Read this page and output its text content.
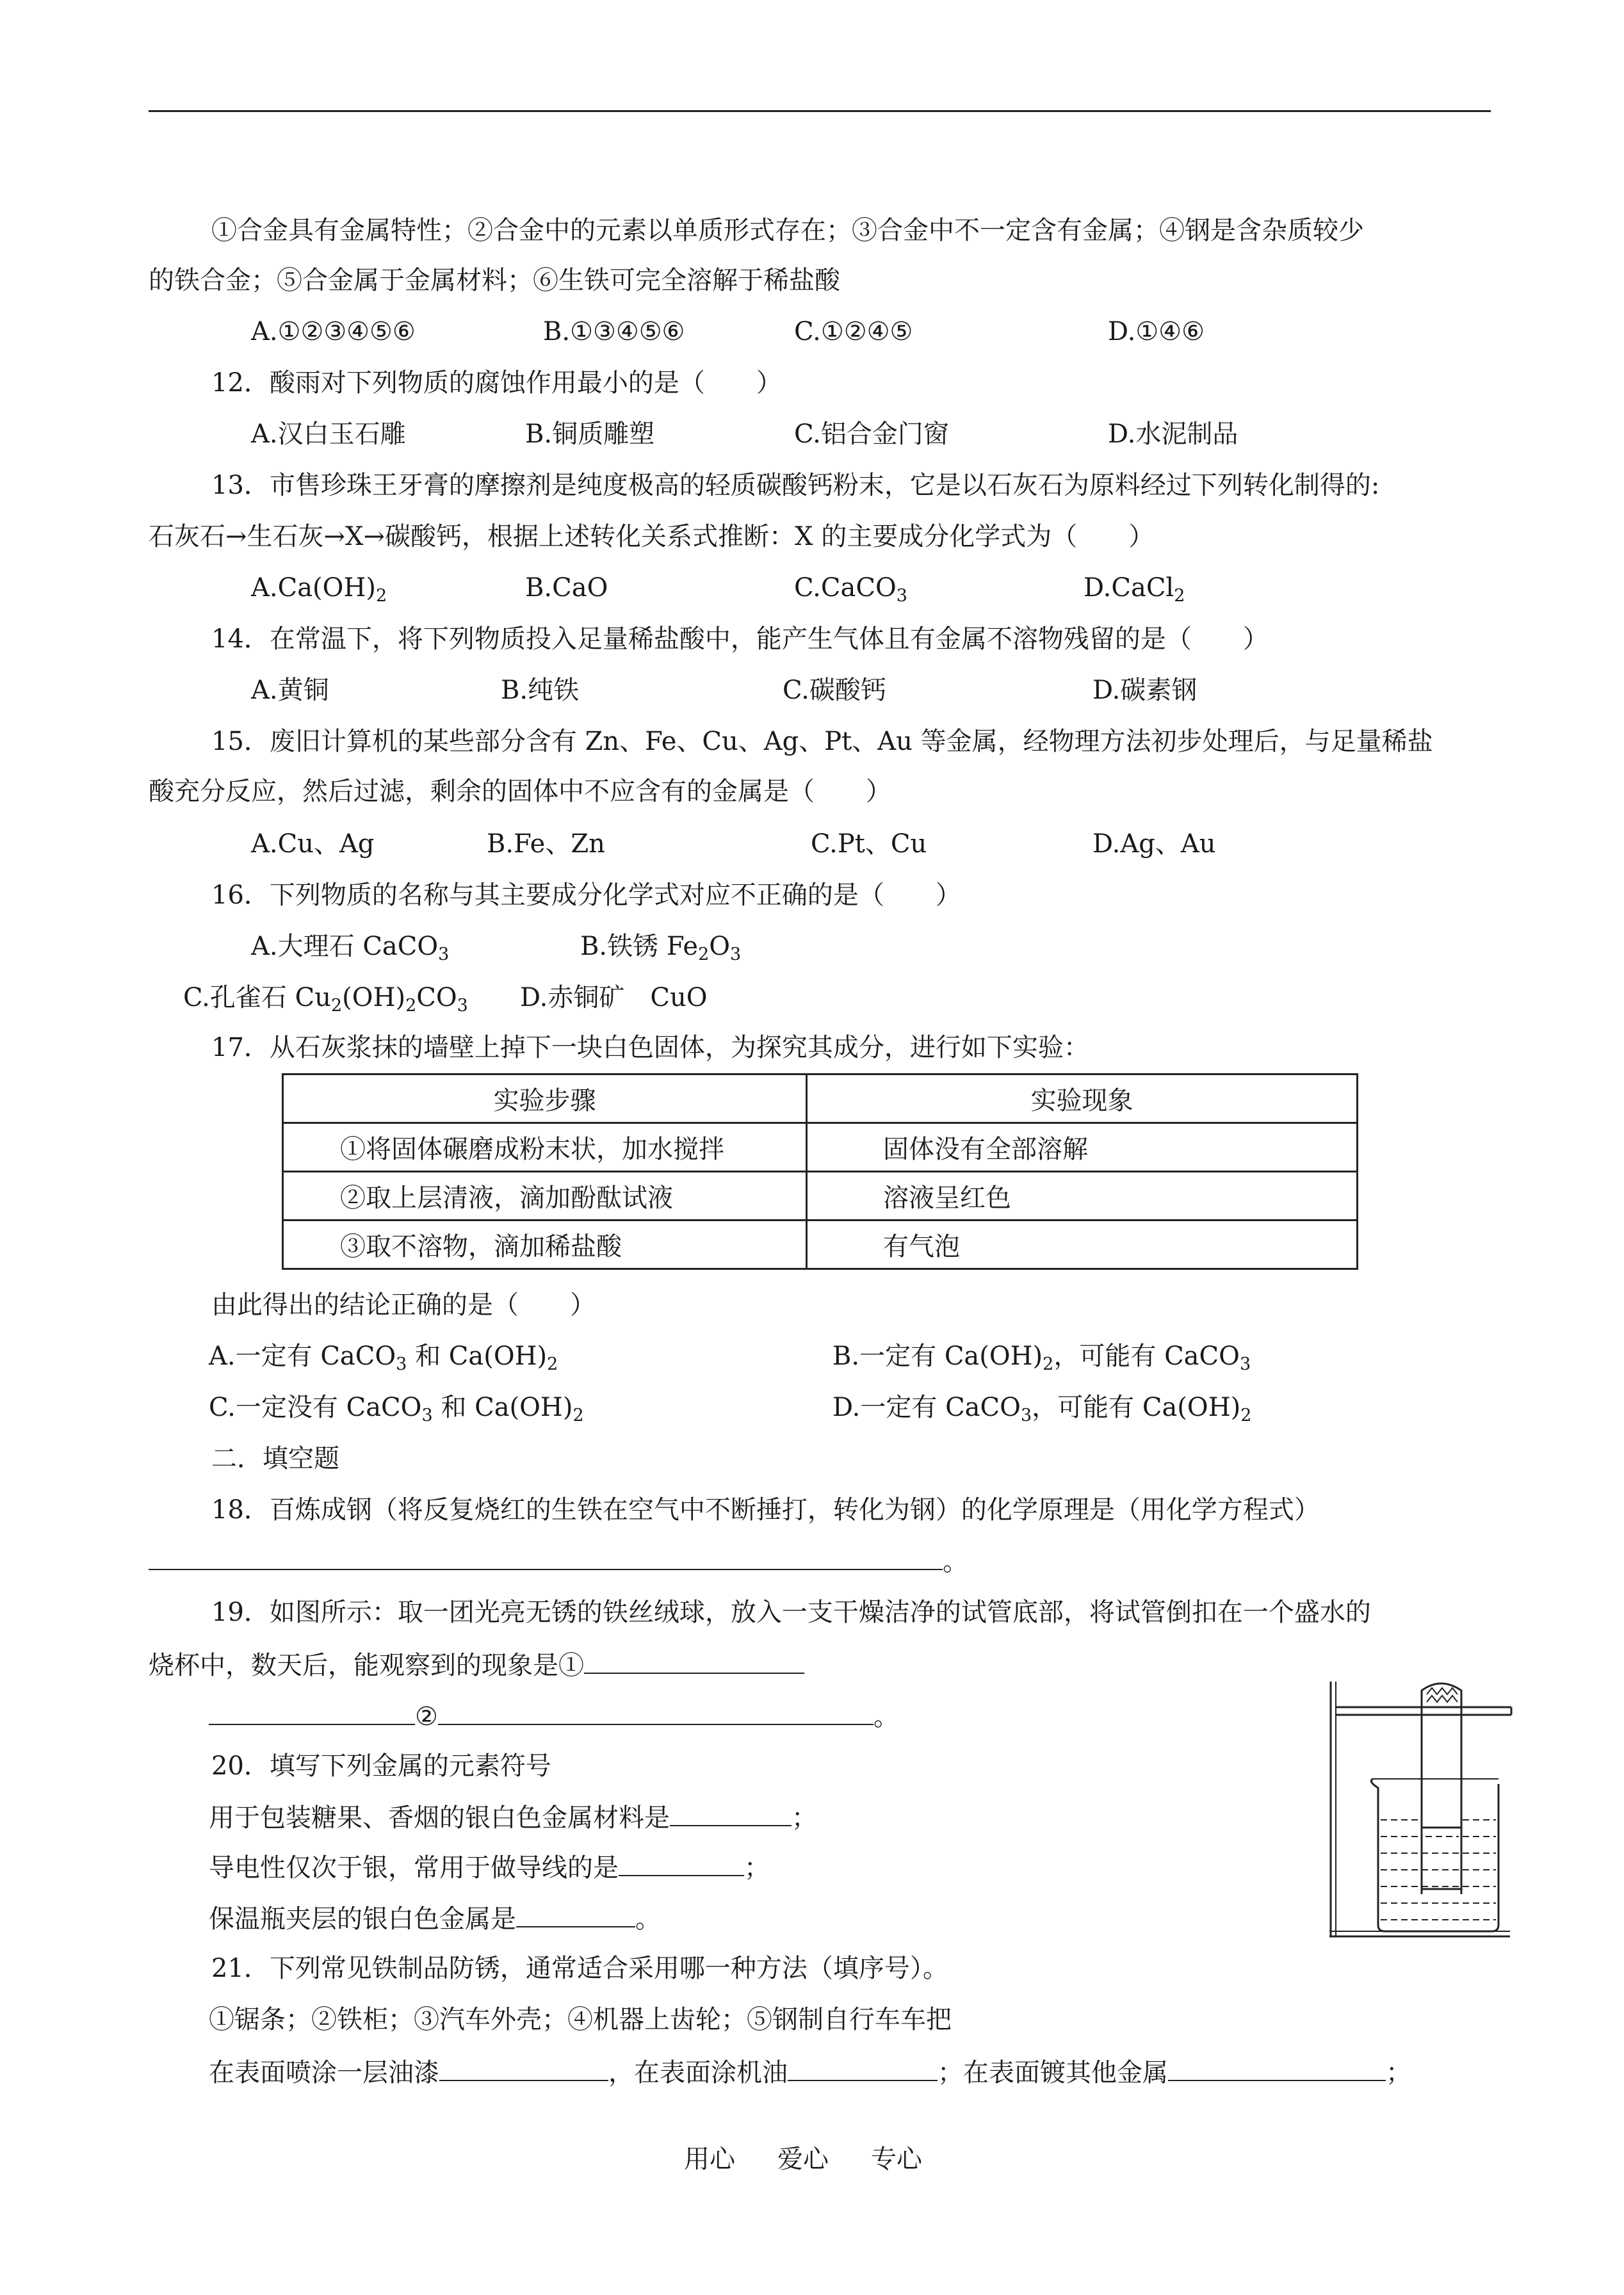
①合金具有金属特性；②合金中的元素以单质形式存在；③合金中不一定含有金属；④钢是含杂质较少
的铁合金；⑤合金属于金属材料；⑥生铁可完全溶解于稀盐酸
A.①②③④⑤⑥	B.①③④⑤⑥	C.①②④⑤	D.①④⑥
12．酸雨对下列物质的腐蚀作用最小的是（　　）
A.汉白玉石雕	B.铜质雕塑	C.铝合金门窗	D.水泥制品
13．市售珍珠王牙膏的摩擦剂是纯度极高的轻质碳酸钙粉末，它是以石灰石为原料经过下列转化制得的:
石灰石→生石灰→X→碳酸钙，根据上述转化关系式推断：X 的主要成分化学式为（　　）
$A.Ca(OH)_2$	B.CaO	C.CaCO$_3$	D.CaCl$_2$
14．在常温下，将下列物质投入足量稀盐酸中，能产生气体且有金属不溶物残留的是（　　）
A.黄铜	B.纯铁	C.碳酸钙	D.碳素钢
15．废旧计算机的某些部分含有 Zn、Fe、Cu、Ag、Pt、Au 等金属，经物理方法初步处理后，与足量稀盐
酸充分反应，然后过滤，剩余的固体中不应含有的金属是（　　）
A.Cu、Ag	B.Fe、Zn	C.Pt、Cu	D.Ag、Au
16．下列物质的名称与其主要成分化学式对应不正确的是（　　）
A.大理石 CaCO$_3$	B.铁锈 $Fe_2O_3$
C.孔雀石 $Cu_2(OH)_2CO_3$ D.赤铜矿　CuO
17．从石灰浆抹的墙壁上掉下一块白色固体，为探究其成分，进行如下实验：
实验步骤	实验现象
①将固体碾磨成粉末状，加水搅拌	固体没有全部溶解
②取上层清液，滴加酚酞试液	溶液呈红色
③取不溶物，滴加稀盐酸	有气泡
由此得出的结论正确的是（　　）
A.一定有 CaCO$_3$ 和 $Ca(OH)_2$	B.一定有 $Ca(OH)_2$，可能有 CaCO$_3$
C.一定没有 CaCO$_3$ 和 $Ca(OH)_2$	D.一定有 CaCO$_3$，可能有 $Ca(OH)_2$
二．填空题
18．百炼成钢（将反复烧红的生铁在空气中不断捶打，转化为钢）的化学原理是（用化学方程式）
。
19．如图所示：取一团光亮无锈的铁丝绒球，放入一支干燥洁净的试管底部，将试管倒扣在一个盛水的
烧杯中，数天后，能观察到的现象是①
②	。
20．填写下列金属的元素符号
用于包装糖果、香烟的银白色金属材料是	；
导电性仅次于银，常用于做导线的是	；
保温瓶夹层的银白色金属是	。
21．下列常见铁制品防锈，通常适合采用哪一种方法（填序号）。
①锯条；②铁柜；③汽车外壳；④机器上齿轮；⑤钢制自行车车把
在表面喷涂一层油漆	，在表面涂机油	；在表面镀其他金属	；
用心 爱心 专心
